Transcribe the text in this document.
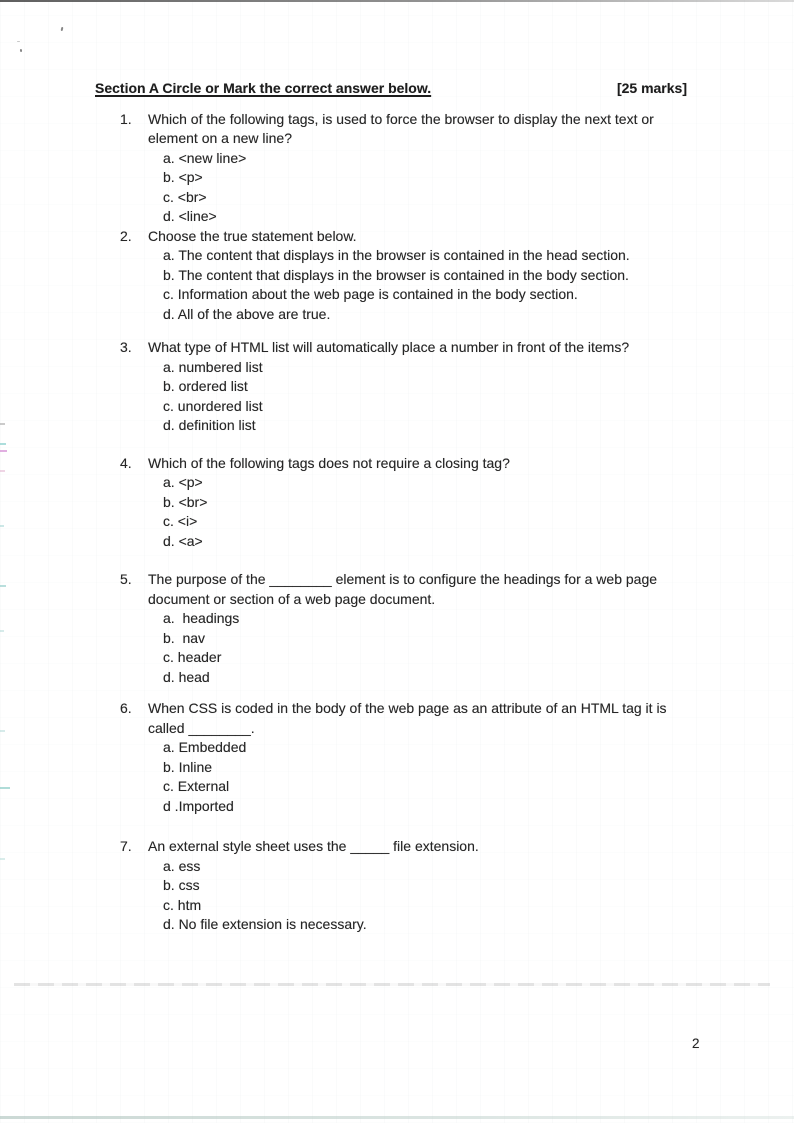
Section A Circle or Mark the correct answer below.	[25 marks]
1.	Which of the following tags, is used to force the browser to display the next text or element on a new line?
a. <new line>
b. <p>
c. <br>
d. <line>
2.	Choose the true statement below.
a. The content that displays in the browser is contained in the head section.
b. The content that displays in the browser is contained in the body section.
c. Information about the web page is contained in the body section.
d. All of the above are true.
3.	What type of HTML list will automatically place a number in front of the items?
a. numbered list
b. ordered list
c. unordered list
d. definition list
4.	Which of the following tags does not require a closing tag?
a. <p>
b. <br>
c. <i>
d. <a>
5.	The purpose of the ________ element is to configure the headings for a web page document or section of a web page document.
a.  headings
b.  nav
c. header
d. head
6.	When CSS is coded in the body of the web page as an attribute of an HTML tag it is called ________.
a. Embedded
b. Inline
c. External
d .Imported
7.	An external style sheet uses the _____ file extension.
a. ess
b. css
c. htm
d. No file extension is necessary.
2
